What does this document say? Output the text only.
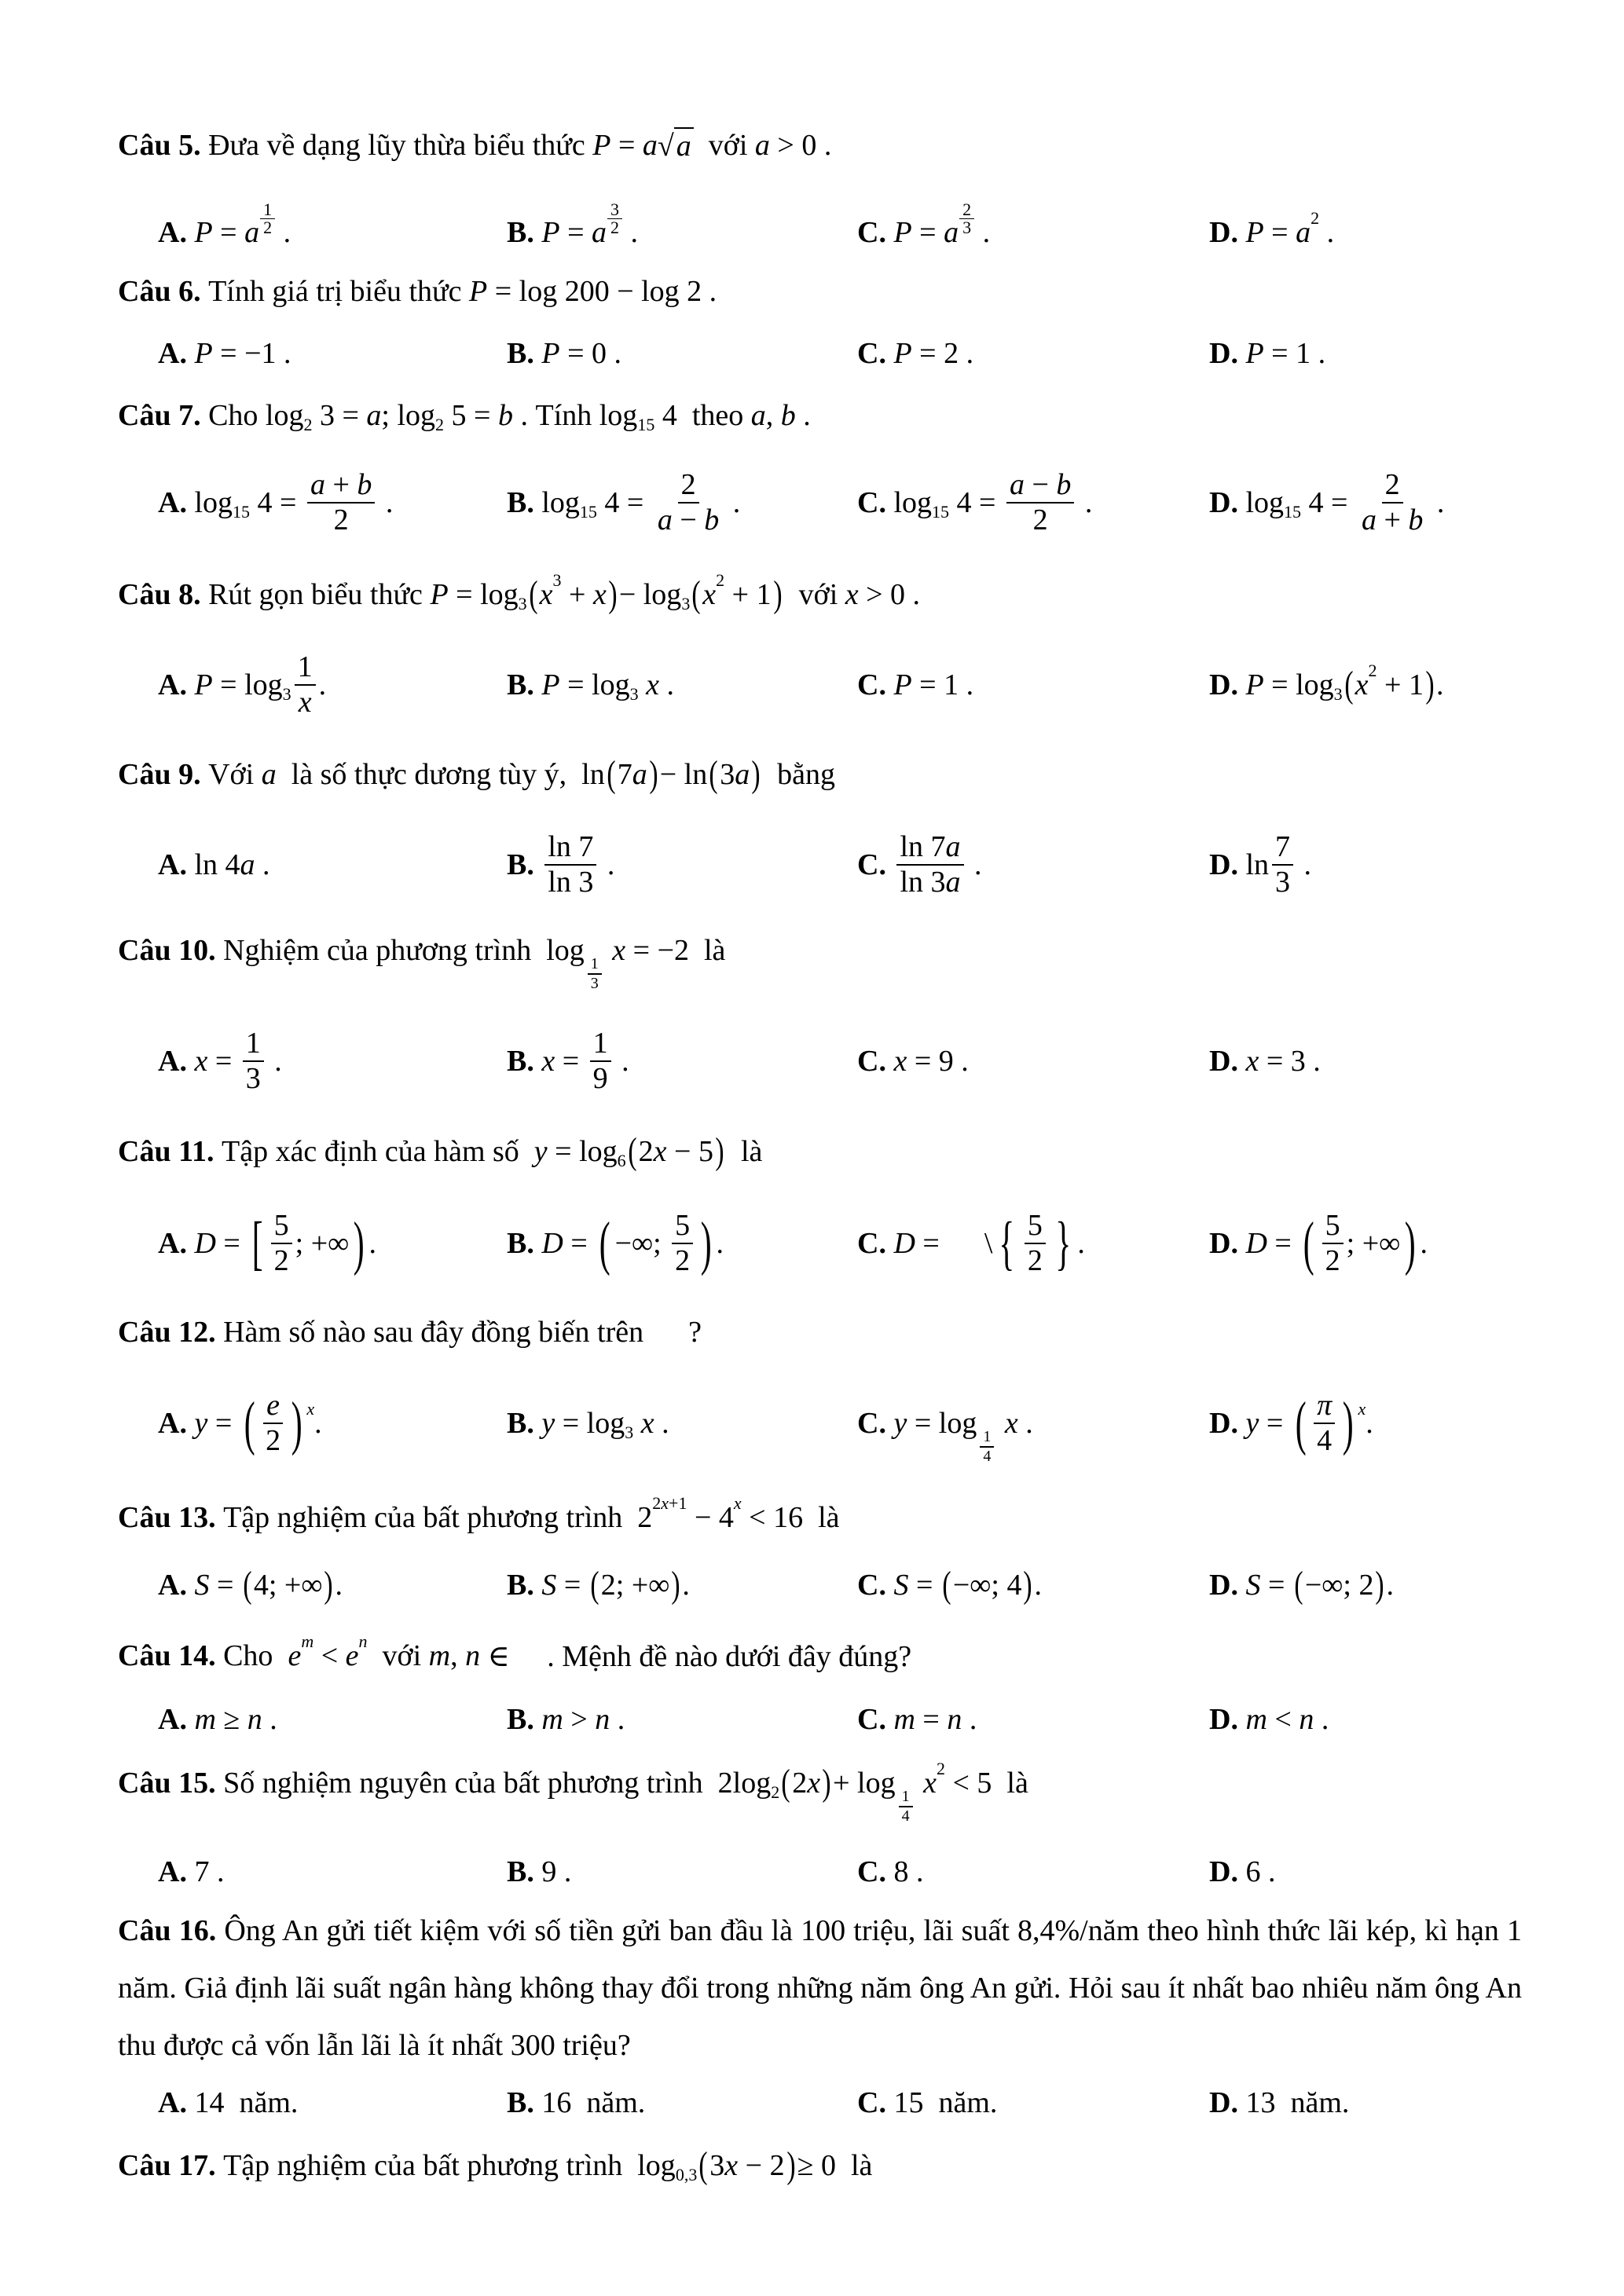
Câu 5. Đưa về dạng lũy thừa biểu thức P = a √ a với a > 0 .
A.
P = a $\frac{1}{2}$ .	B.
P = a $\frac{3}{2}$ .	C.
P = a $\frac{2}{3}$ .	D.
P = a 2 .
Câu 6. Tính giá trị biểu thức P = log 200 − log 2 .
A.
P = −1 .	B.
P = 0 .	C.
P = 2 .	D.
P = 1 .
Câu 7. Cho log 2 3 = a ; log 2 5 = b . Tính log 15 4  theo a , b .
A. log 15 $4 = \frac{a + b}{2}$ .	B. log 15 $4 = \frac{2}{a - b}$ .	C. log 15 $4 = \frac{a - b}{2}$ .	D. log 15 $4 = \frac{2}{a + b}$ .
Câu 8. Rút gọn biểu thức P = log 3 ( x 3 + x ) − log 3 ( x 2 + 1 ) với x > 0 .
A.
$P = \log 3 \frac{1}{x}$ .	B.
P = log 3
x .	C.
P = 1 .	D.
P = log 3 ( x 2 + 1 ) .
Câu 9. Với a là số thực dương tùy ý,  ln ( 7 a ) − ln ( 3 a ) bằng
A. ln 4 a .	B.
$\frac{\ln 7}{\ln 3}$ .	C.
$\frac{\ln 7a}{\ln 3a}$ .	D. $\ln \frac{7}{3}$ .
Câu 10. Nghiệm của phương trình  log
$\frac{1}{3}$

x = −2  là
A.
$x = \frac{1}{3}$ .	B.
$x = \frac{1}{9}$ .	C.
x = 9 .	D.
x = 3 .
Câu 11. Tập xác định của hàm số y = log 6 ( 2 x − 5 ) là
A.
D = [ $\frac{5}{2}$ ; +∞ ) .	B.
D = ( −∞; $\frac{5}{2}$ ) .	C.
D =      \ { $\frac{5}{2}$ } .	D.
D = ( $\frac{5}{2}$ ; +∞ ) .
Câu 12. Hàm số nào sau đây đồng biến trên      ?
A.
y = ( $\frac{e}{2}$ ) x .	B.
y = log 3
x .	C.
y = log
$\frac{1}{4}$

x .	D.
y = ( $\frac{\pi}{4}$ ) x .
Câu 13. Tập nghiệm của bất phương trình  2 2 x +1 − 4 x < 16  là
A.
S = ( 4; +∞ ) .	B.
S = ( 2; +∞ ) .	C.
S = ( −∞; 4 ) .	D.
S = ( −∞; 2 ) .
Câu 14. Cho e m < e n với m , n ∈     . Mệnh đề nào dưới đây đúng?
A.
m ≥ n .	B.
m > n .	C.
m = n .	D.
m < n .
Câu 15. Số nghiệm nguyên của bất phương trình  2log 2 ( 2 x ) + log
$\frac{1}{4}$

x 2 < 5  là
A. 7 .	B. 9 .	C. 8 .	D. 6 .
Câu 16. Ông An gửi tiết kiệm với số tiền gửi ban đầu là 100 triệu, lãi suất 8,4%/năm theo hình thức lãi kép, kì hạn 1 năm. Giả định lãi suất ngân hàng không thay đổi trong những năm ông An gửi. Hỏi sau ít nhất bao nhiêu năm ông An thu được cả vốn lẫn lãi là ít nhất 300 triệu?
A. 14  năm.	B. 16  năm.	C. 15  năm.	D. 13  năm.
Câu 17. Tập nghiệm của bất phương trình  log 0,3 ( 3 x − 2 ) ≥ 0  là
